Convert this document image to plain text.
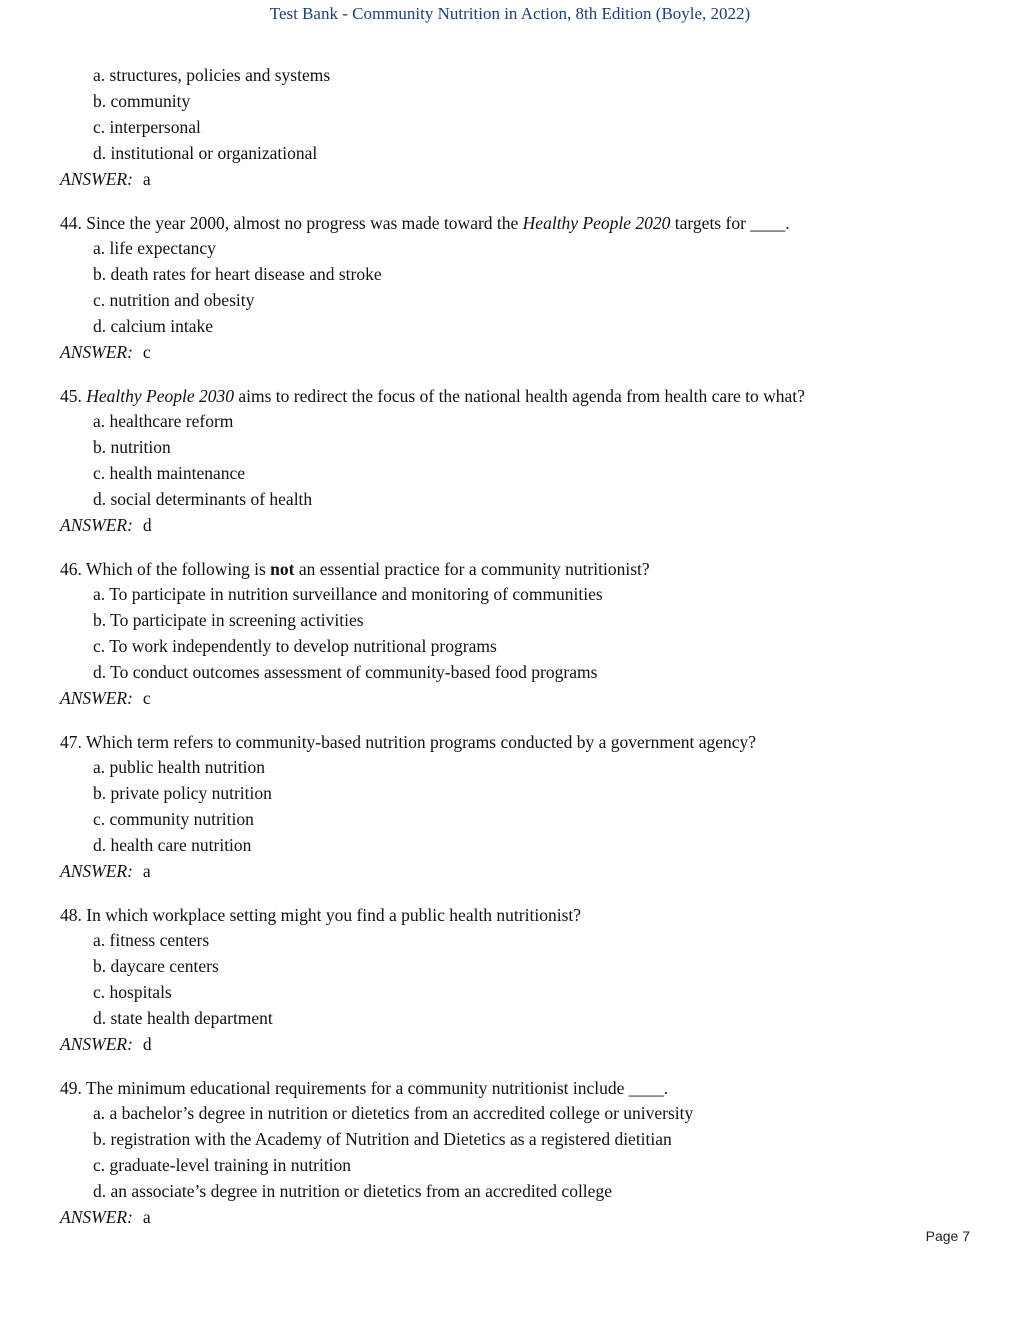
Test Bank - Community Nutrition in Action, 8th Edition (Boyle, 2022)
a. structures, policies and systems
b. community
c. interpersonal
d. institutional or organizational
ANSWER: a
44. Since the year 2000, almost no progress was made toward the Healthy People 2020 targets for ____.
a. life expectancy
b. death rates for heart disease and stroke
c. nutrition and obesity
d. calcium intake
ANSWER: c
45. Healthy People 2030 aims to redirect the focus of the national health agenda from health care to what?
a. healthcare reform
b. nutrition
c. health maintenance
d. social determinants of health
ANSWER: d
46. Which of the following is not an essential practice for a community nutritionist?
a. To participate in nutrition surveillance and monitoring of communities
b. To participate in screening activities
c. To work independently to develop nutritional programs
d. To conduct outcomes assessment of community-based food programs
ANSWER: c
47. Which term refers to community-based nutrition programs conducted by a government agency?
a. public health nutrition
b. private policy nutrition
c. community nutrition
d. health care nutrition
ANSWER: a
48. In which workplace setting might you find a public health nutritionist?
a. fitness centers
b. daycare centers
c. hospitals
d. state health department
ANSWER: d
49. The minimum educational requirements for a community nutritionist include ____.
a. a bachelor’s degree in nutrition or dietetics from an accredited college or university
b. registration with the Academy of Nutrition and Dietetics as a registered dietitian
c. graduate-level training in nutrition
d. an associate’s degree in nutrition or dietetics from an accredited college
ANSWER: a
Page 7
